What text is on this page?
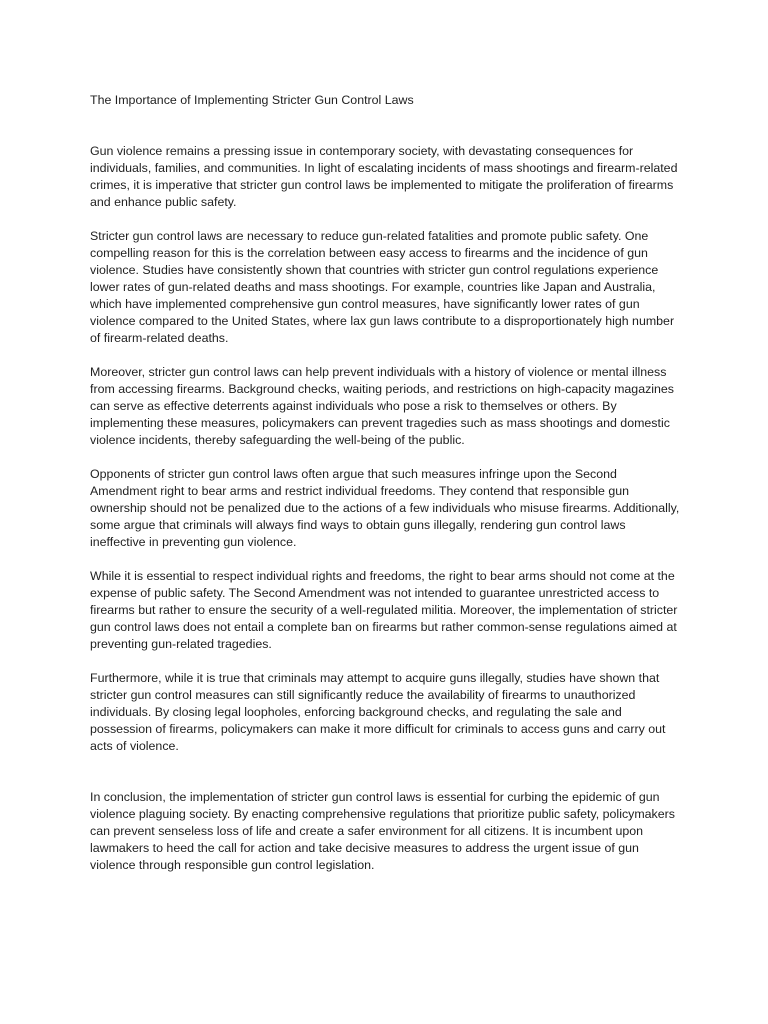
The Importance of Implementing Stricter Gun Control Laws

Gun violence remains a pressing issue in contemporary society, with devastating consequences for individuals, families, and communities. In light of escalating incidents of mass shootings and firearm-related crimes, it is imperative that stricter gun control laws be implemented to mitigate the proliferation of firearms and enhance public safety.

Stricter gun control laws are necessary to reduce gun-related fatalities and promote public safety. One compelling reason for this is the correlation between easy access to firearms and the incidence of gun violence. Studies have consistently shown that countries with stricter gun control regulations experience lower rates of gun-related deaths and mass shootings. For example, countries like Japan and Australia, which have implemented comprehensive gun control measures, have significantly lower rates of gun violence compared to the United States, where lax gun laws contribute to a disproportionately high number of firearm-related deaths.

Moreover, stricter gun control laws can help prevent individuals with a history of violence or mental illness from accessing firearms. Background checks, waiting periods, and restrictions on high-capacity magazines can serve as effective deterrents against individuals who pose a risk to themselves or others. By implementing these measures, policymakers can prevent tragedies such as mass shootings and domestic violence incidents, thereby safeguarding the well-being of the public.

Opponents of stricter gun control laws often argue that such measures infringe upon the Second Amendment right to bear arms and restrict individual freedoms. They contend that responsible gun ownership should not be penalized due to the actions of a few individuals who misuse firearms. Additionally, some argue that criminals will always find ways to obtain guns illegally, rendering gun control laws ineffective in preventing gun violence.

While it is essential to respect individual rights and freedoms, the right to bear arms should not come at the expense of public safety. The Second Amendment was not intended to guarantee unrestricted access to firearms but rather to ensure the security of a well-regulated militia. Moreover, the implementation of stricter gun control laws does not entail a complete ban on firearms but rather common-sense regulations aimed at preventing gun-related tragedies.

Furthermore, while it is true that criminals may attempt to acquire guns illegally, studies have shown that stricter gun control measures can still significantly reduce the availability of firearms to unauthorized individuals. By closing legal loopholes, enforcing background checks, and regulating the sale and possession of firearms, policymakers can make it more difficult for criminals to access guns and carry out acts of violence.

In conclusion, the implementation of stricter gun control laws is essential for curbing the epidemic of gun violence plaguing society. By enacting comprehensive regulations that prioritize public safety, policymakers can prevent senseless loss of life and create a safer environment for all citizens. It is incumbent upon lawmakers to heed the call for action and take decisive measures to address the urgent issue of gun violence through responsible gun control legislation.
